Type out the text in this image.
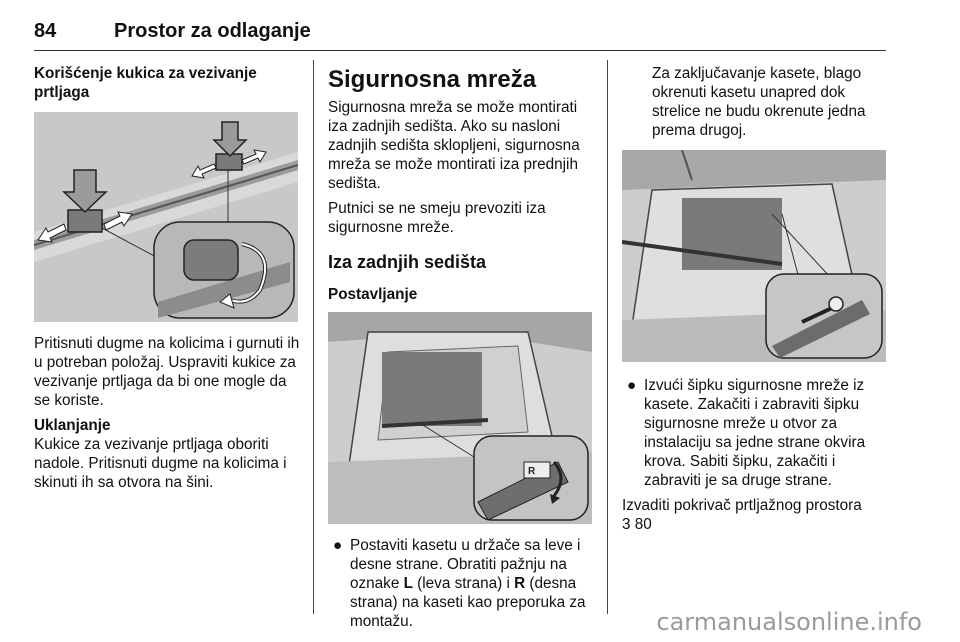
84	Prostor za odlaganje
Korišćenje kukica za vezivanje prtljaga

Pritisnuti dugme na kolicima i gurnuti ih u potreban položaj. Uspraviti kukice za vezivanje prtljaga da bi one mogle da se koriste.

Uklanjanje

Kukice za vezivanje prtljaga oboriti nadole. Pritisnuti dugme na kolicima i skinuti ih sa otvora na šini.

Sigurnosna mreža

Sigurnosna mreža se može montirati iza zadnjih sedišta. Ako su nasloni zadnjih sedišta sklopljeni, sigurnosna mreža se može montirati iza prednjih sedišta.

Putnici se ne smeju prevoziti iza sigurnosne mreže.

Iza zadnjih sedišta
Postavljanje
R
● Postaviti kasetu u držače sa leve i desne strane. Obratiti pažnju na oznake L (leva strana) i R (desna strana) na kaseti kao preporuka za montažu.

Za zaključavanje kasete, blago okrenuti kasetu unapred dok strelice ne budu okrenute jedna prema drugoj.

● Izvući šipku sigurnosne mreže iz kasete. Zakačiti i zabraviti šipku sigurnosne mreže u otvor za instalaciju sa jedne strane okvira krova. Sabiti šipku, zakačiti i zabraviti je sa druge strane.

Izvaditi pokrivač prtljažnog prostora
3 80

carmanualsonline.info
